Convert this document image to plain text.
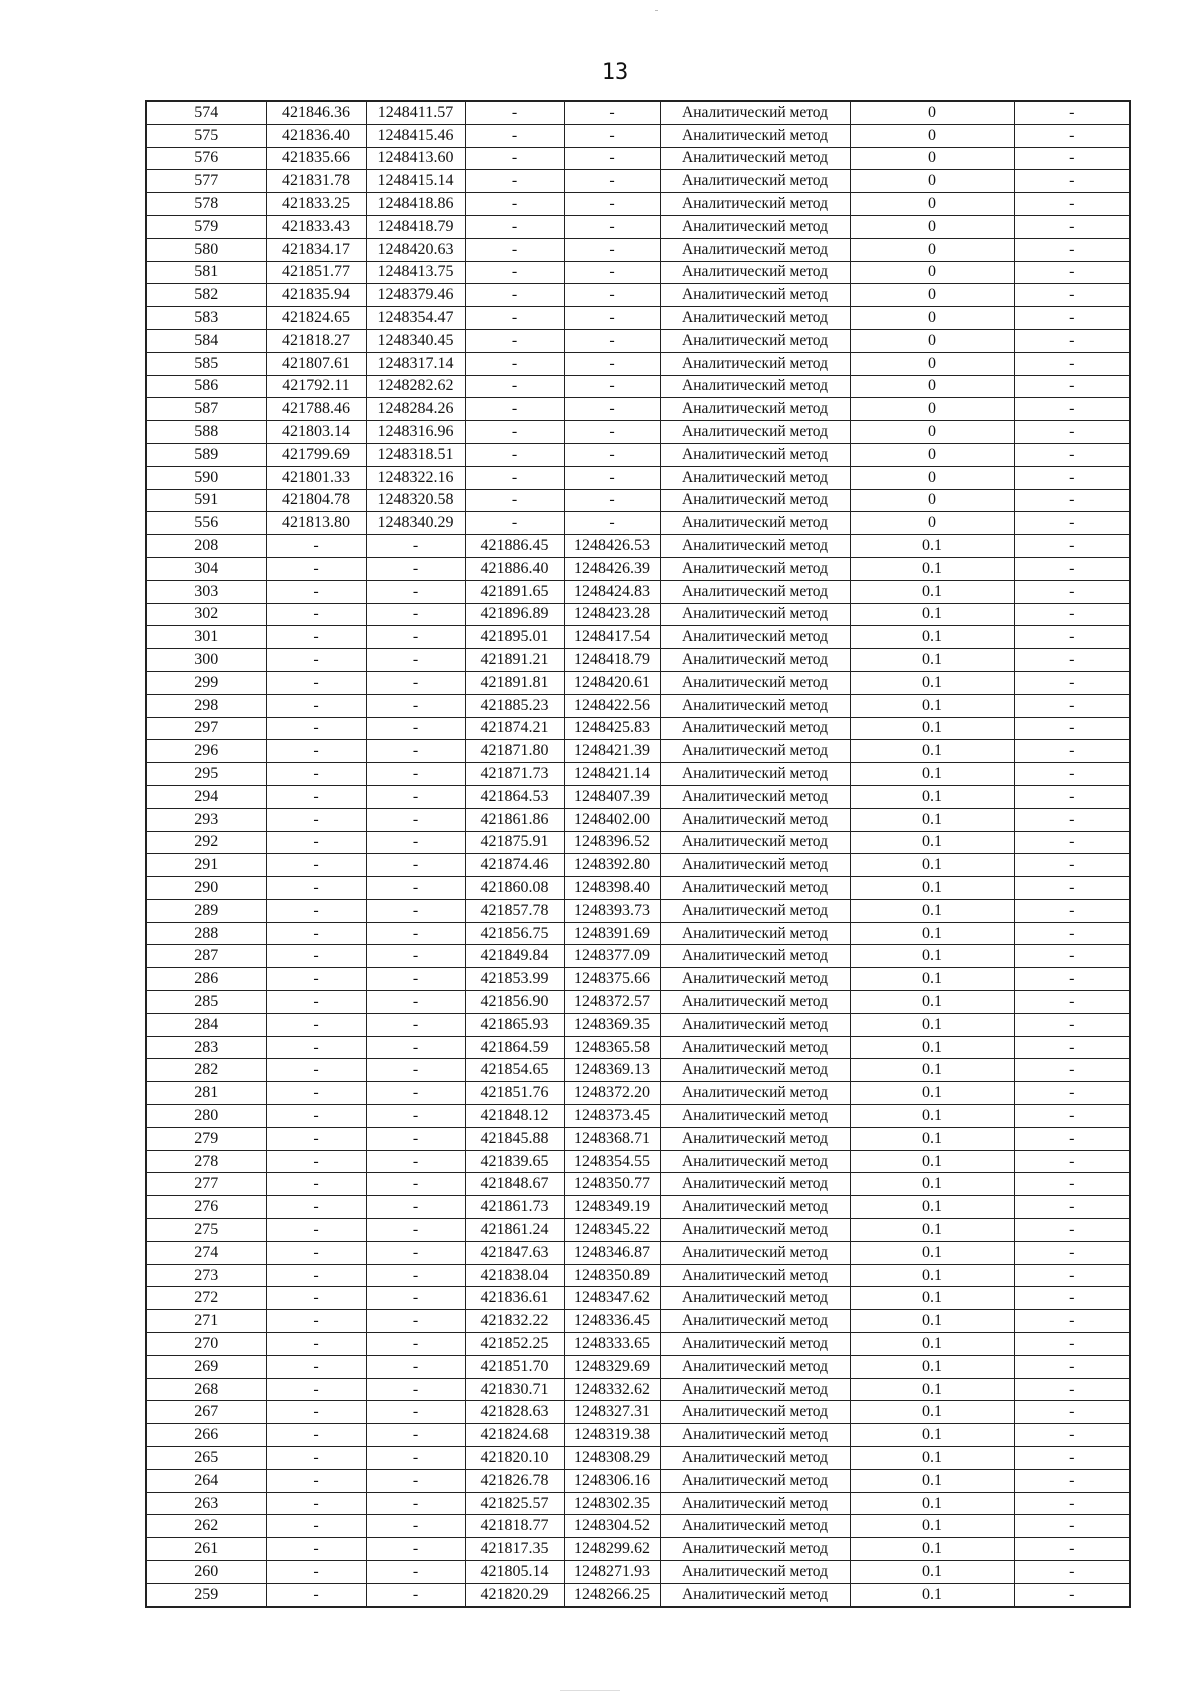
13
574	421846.36	1248411.57	-	-	Аналитический метод	0	-
575	421836.40	1248415.46	-	-	Аналитический метод	0	-
576	421835.66	1248413.60	-	-	Аналитический метод	0	-
577	421831.78	1248415.14	-	-	Аналитический метод	0	-
578	421833.25	1248418.86	-	-	Аналитический метод	0	-
579	421833.43	1248418.79	-	-	Аналитический метод	0	-
580	421834.17	1248420.63	-	-	Аналитический метод	0	-
581	421851.77	1248413.75	-	-	Аналитический метод	0	-
582	421835.94	1248379.46	-	-	Аналитический метод	0	-
583	421824.65	1248354.47	-	-	Аналитический метод	0	-
584	421818.27	1248340.45	-	-	Аналитический метод	0	-
585	421807.61	1248317.14	-	-	Аналитический метод	0	-
586	421792.11	1248282.62	-	-	Аналитический метод	0	-
587	421788.46	1248284.26	-	-	Аналитический метод	0	-
588	421803.14	1248316.96	-	-	Аналитический метод	0	-
589	421799.69	1248318.51	-	-	Аналитический метод	0	-
590	421801.33	1248322.16	-	-	Аналитический метод	0	-
591	421804.78	1248320.58	-	-	Аналитический метод	0	-
556	421813.80	1248340.29	-	-	Аналитический метод	0	-
208	-	-	421886.45	1248426.53	Аналитический метод	0.1	-
304	-	-	421886.40	1248426.39	Аналитический метод	0.1	-
303	-	-	421891.65	1248424.83	Аналитический метод	0.1	-
302	-	-	421896.89	1248423.28	Аналитический метод	0.1	-
301	-	-	421895.01	1248417.54	Аналитический метод	0.1	-
300	-	-	421891.21	1248418.79	Аналитический метод	0.1	-
299	-	-	421891.81	1248420.61	Аналитический метод	0.1	-
298	-	-	421885.23	1248422.56	Аналитический метод	0.1	-
297	-	-	421874.21	1248425.83	Аналитический метод	0.1	-
296	-	-	421871.80	1248421.39	Аналитический метод	0.1	-
295	-	-	421871.73	1248421.14	Аналитический метод	0.1	-
294	-	-	421864.53	1248407.39	Аналитический метод	0.1	-
293	-	-	421861.86	1248402.00	Аналитический метод	0.1	-
292	-	-	421875.91	1248396.52	Аналитический метод	0.1	-
291	-	-	421874.46	1248392.80	Аналитический метод	0.1	-
290	-	-	421860.08	1248398.40	Аналитический метод	0.1	-
289	-	-	421857.78	1248393.73	Аналитический метод	0.1	-
288	-	-	421856.75	1248391.69	Аналитический метод	0.1	-
287	-	-	421849.84	1248377.09	Аналитический метод	0.1	-
286	-	-	421853.99	1248375.66	Аналитический метод	0.1	-
285	-	-	421856.90	1248372.57	Аналитический метод	0.1	-
284	-	-	421865.93	1248369.35	Аналитический метод	0.1	-
283	-	-	421864.59	1248365.58	Аналитический метод	0.1	-
282	-	-	421854.65	1248369.13	Аналитический метод	0.1	-
281	-	-	421851.76	1248372.20	Аналитический метод	0.1	-
280	-	-	421848.12	1248373.45	Аналитический метод	0.1	-
279	-	-	421845.88	1248368.71	Аналитический метод	0.1	-
278	-	-	421839.65	1248354.55	Аналитический метод	0.1	-
277	-	-	421848.67	1248350.77	Аналитический метод	0.1	-
276	-	-	421861.73	1248349.19	Аналитический метод	0.1	-
275	-	-	421861.24	1248345.22	Аналитический метод	0.1	-
274	-	-	421847.63	1248346.87	Аналитический метод	0.1	-
273	-	-	421838.04	1248350.89	Аналитический метод	0.1	-
272	-	-	421836.61	1248347.62	Аналитический метод	0.1	-
271	-	-	421832.22	1248336.45	Аналитический метод	0.1	-
270	-	-	421852.25	1248333.65	Аналитический метод	0.1	-
269	-	-	421851.70	1248329.69	Аналитический метод	0.1	-
268	-	-	421830.71	1248332.62	Аналитический метод	0.1	-
267	-	-	421828.63	1248327.31	Аналитический метод	0.1	-
266	-	-	421824.68	1248319.38	Аналитический метод	0.1	-
265	-	-	421820.10	1248308.29	Аналитический метод	0.1	-
264	-	-	421826.78	1248306.16	Аналитический метод	0.1	-
263	-	-	421825.57	1248302.35	Аналитический метод	0.1	-
262	-	-	421818.77	1248304.52	Аналитический метод	0.1	-
261	-	-	421817.35	1248299.62	Аналитический метод	0.1	-
260	-	-	421805.14	1248271.93	Аналитический метод	0.1	-
259	-	-	421820.29	1248266.25	Аналитический метод	0.1	-
